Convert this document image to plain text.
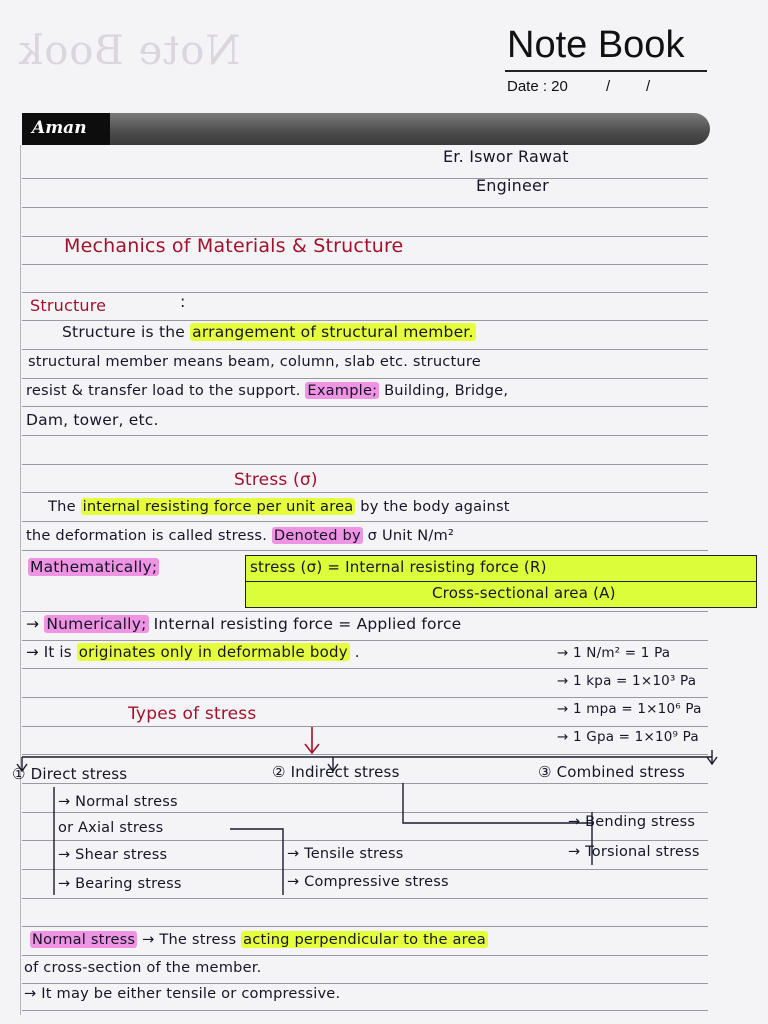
Note Book	Note Book
Date : 20	/ /
Aman
Er. Iswor Rawat
Engineer
Mechanics of Materials & Structure
Structure	:
Structure is the arrangement of structural member.
structural member means beam, column, slab etc. structure
resist & transfer load to the support. Example; Building, Bridge,
Dam, tower, etc.
Stress (σ)
The internal resisting force per unit area by the body against
the deformation is called stress. Denoted by σ Unit N/m²
Mathematically;	stress (σ) = Internal resisting force (R)
Cross-sectional area (A)
→ Numerically; Internal resisting force = Applied force
→ It is originates only in deformable body .	→ 1 N/m² = 1 Pa
→ 1 kpa = 1×10³ Pa
→ 1 mpa = 1×10⁶ Pa
→ 1 Gpa = 1×10⁹ Pa
Types of stress
① Direct stress	② Indirect stress	③ Combined stress
→ Normal stress
or Axial stress
→ Shear stress
→ Bearing stress
→ Tensile stress
→ Compressive stress
→ Bending stress
→ Torsional stress
Normal stress → The stress acting perpendicular to the area
of cross-section of the member.
→ It may be either tensile or compressive.
